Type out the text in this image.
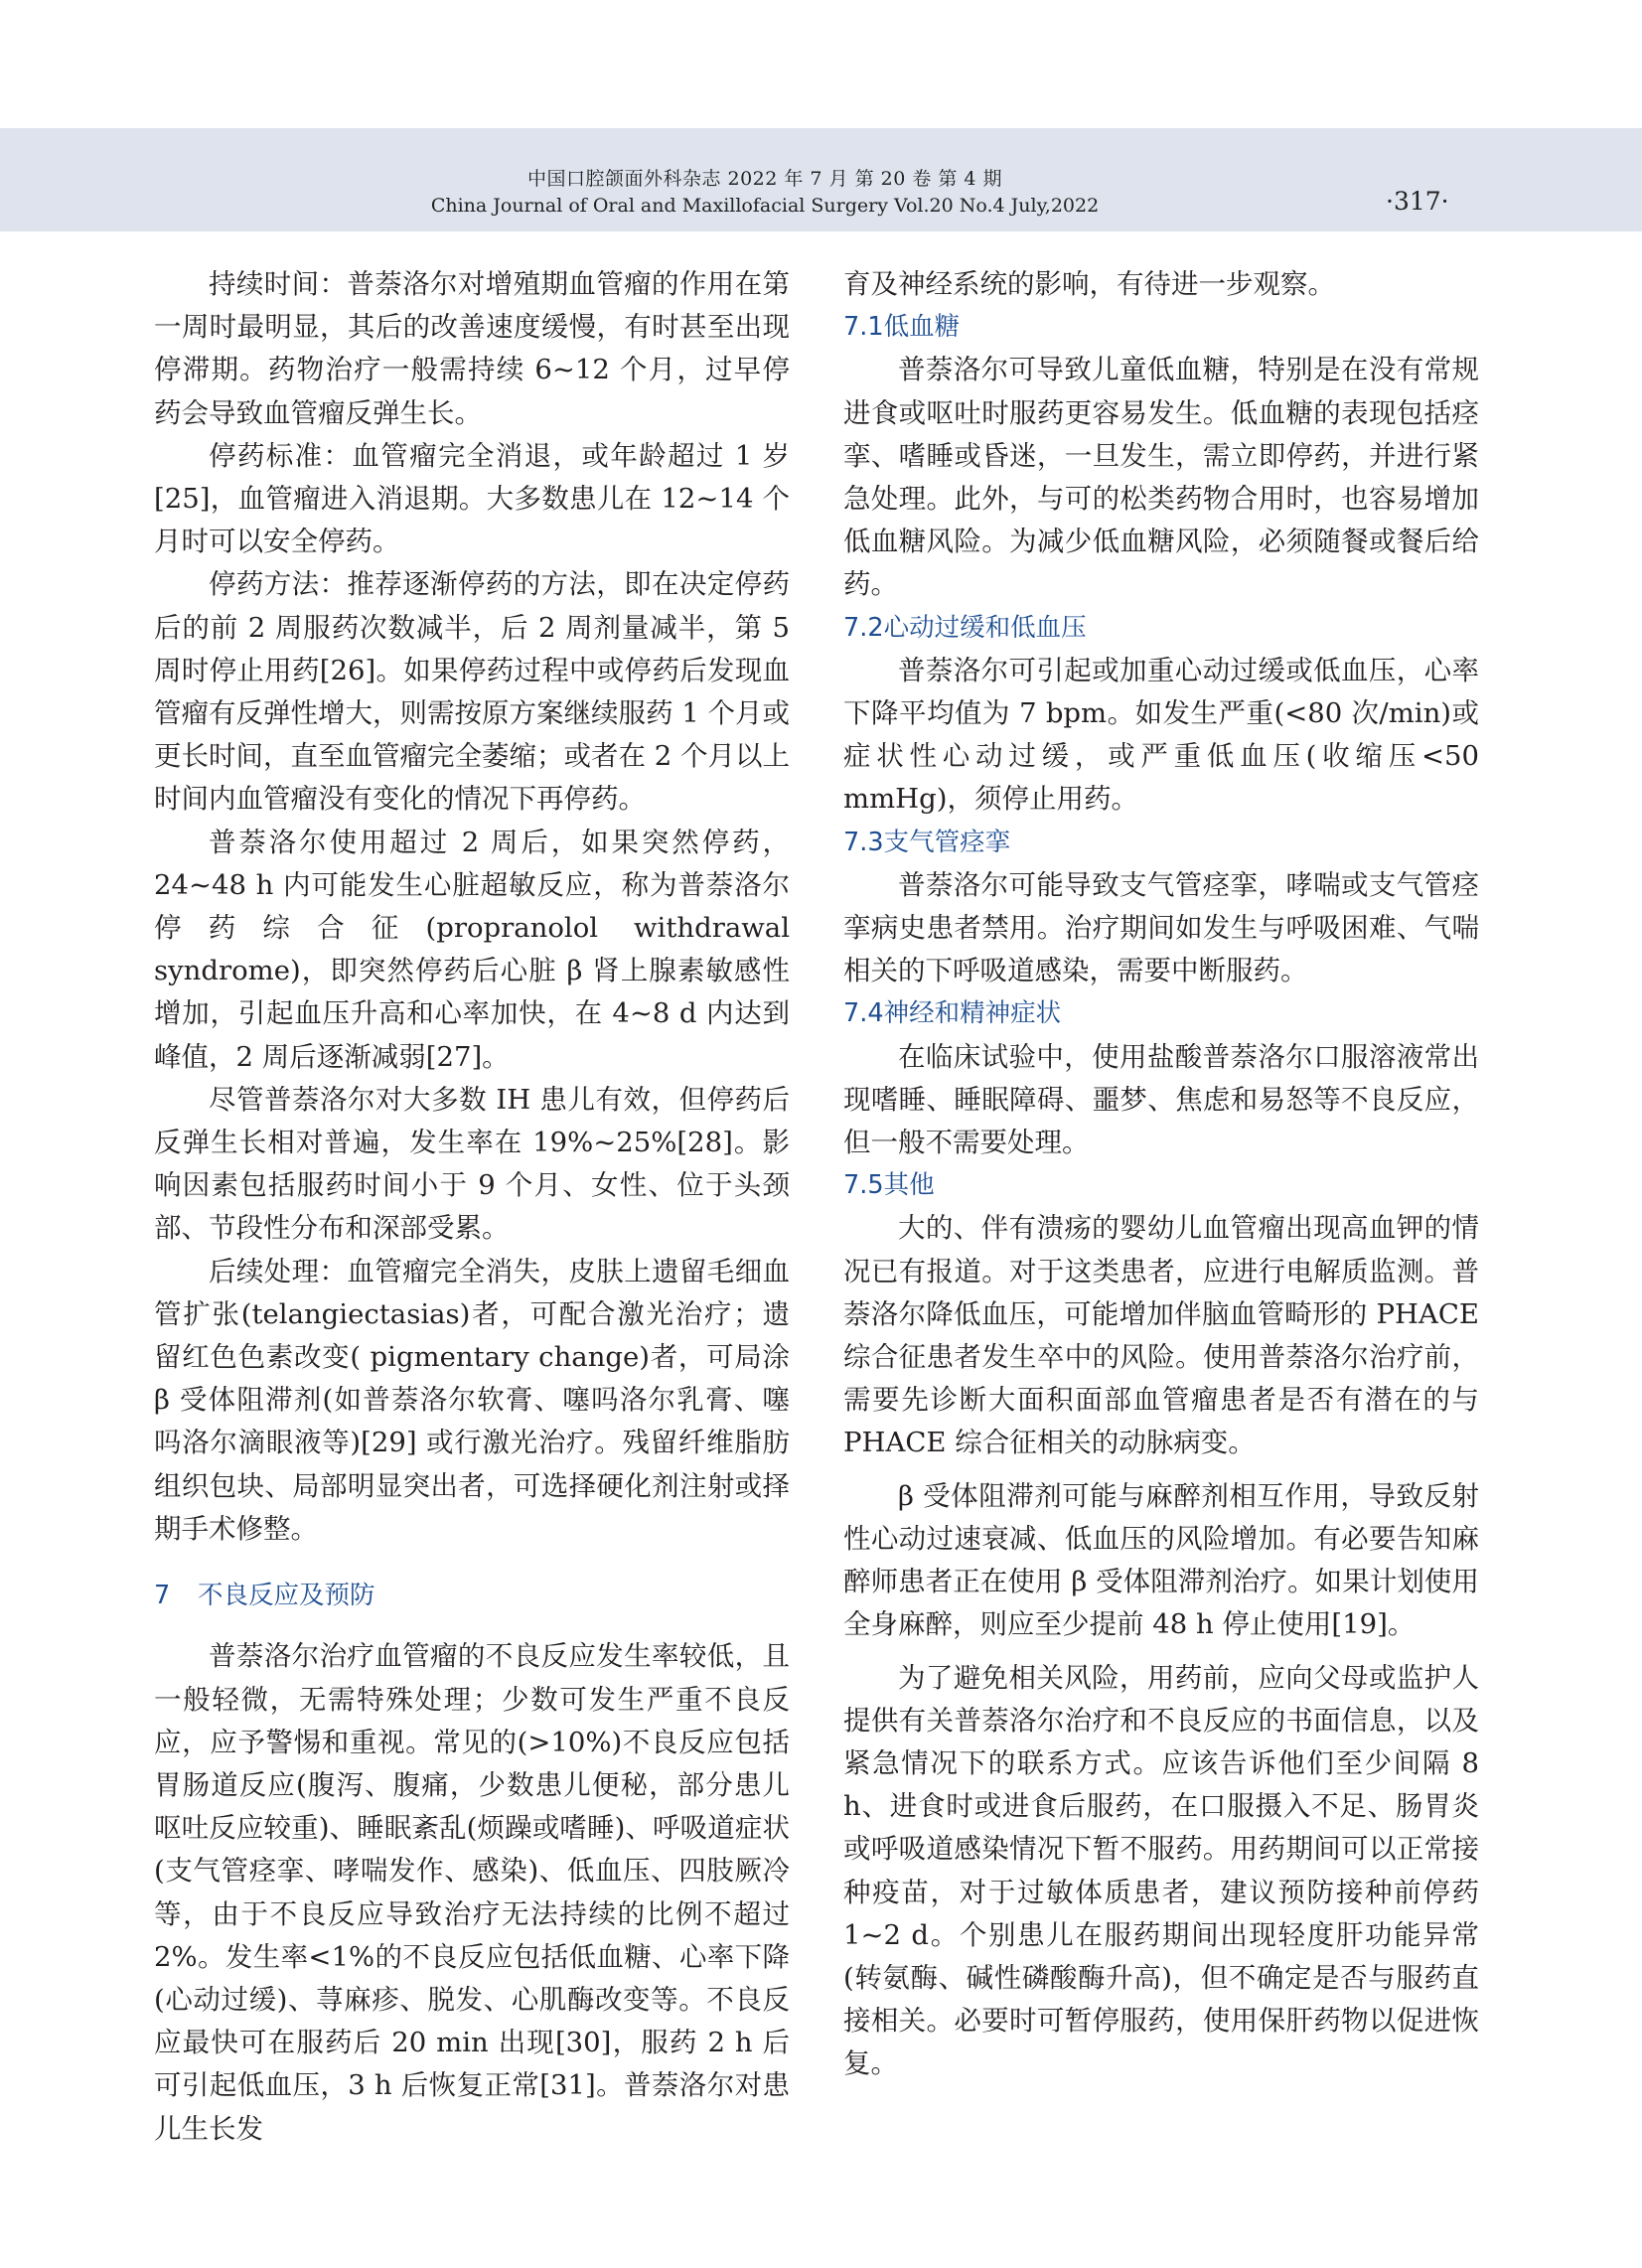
中国口腔颌面外科杂志 2022 年 7 月 第 20 卷 第 4 期
China Journal of Oral and Maxillofacial Surgery Vol.20 No.4 July,2022	·317·

持续时间：普萘洛尔对增殖期血管瘤的作用在第一周时最明显，其后的改善速度缓慢，有时甚至出现停滞期。药物治疗一般需持续 6~12 个月，过早停药会导致血管瘤反弹生长。

停药标准：血管瘤完全消退，或年龄超过 1 岁[25]，血管瘤进入消退期。大多数患儿在 12~14 个月时可以安全停药。

停药方法：推荐逐渐停药的方法，即在决定停药后的前 2 周服药次数减半，后 2 周剂量减半，第 5 周时停止用药[26]。如果停药过程中或停药后发现血管瘤有反弹性增大，则需按原方案继续服药 1 个月或更长时间，直至血管瘤完全萎缩；或者在 2 个月以上时间内血管瘤没有变化的情况下再停药。

普萘洛尔使用超过 2 周后，如果突然停药，24~48 h 内可能发生心脏超敏反应，称为普萘洛尔停药综合征(propranolol withdrawal syndrome)，即突然停药后心脏 β 肾上腺素敏感性增加，引起血压升高和心率加快，在 4~8 d 内达到峰值，2 周后逐渐减弱[27]。

尽管普萘洛尔对大多数 IH 患儿有效，但停药后反弹生长相对普遍，发生率在 19%~25%[28]。影响因素包括服药时间小于 9 个月、女性、位于头颈部、节段性分布和深部受累。

后续处理：血管瘤完全消失，皮肤上遗留毛细血管扩张(telangiectasias)者，可配合激光治疗；遗留红色色素改变( pigmentary change)者，可局涂 β 受体阻滞剂(如普萘洛尔软膏、噻吗洛尔乳膏、噻吗洛尔滴眼液等)[29] 或行激光治疗。残留纤维脂肪组织包块、局部明显突出者，可选择硬化剂注射或择期手术修整。

7 不良反应及预防

普萘洛尔治疗血管瘤的不良反应发生率较低，且一般轻微，无需特殊处理；少数可发生严重不良反应，应予警惕和重视。常见的(>10%)不良反应包括胃肠道反应(腹泻、腹痛，少数患儿便秘，部分患儿呕吐反应较重)、睡眠紊乱(烦躁或嗜睡)、呼吸道症状(支气管痉挛、哮喘发作、感染)、低血压、四肢厥冷等，由于不良反应导致治疗无法持续的比例不超过 2%。发生率<1%的不良反应包括低血糖、心率下降(心动过缓)、荨麻疹、脱发、心肌酶改变等。不良反应最快可在服药后 20 min 出现[30]，服药 2 h 后可引起低血压，3 h 后恢复正常[31]。普萘洛尔对患儿生长发

育及神经系统的影响，有待进一步观察。

7.1低血糖

普萘洛尔可导致儿童低血糖，特别是在没有常规进食或呕吐时服药更容易发生。低血糖的表现包括痉挛、嗜睡或昏迷，一旦发生，需立即停药，并进行紧急处理。此外，与可的松类药物合用时，也容易增加低血糖风险。为减少低血糖风险，必须随餐或餐后给药。

7.2心动过缓和低血压

普萘洛尔可引起或加重心动过缓或低血压，心率下降平均值为 7 bpm。如发生严重(<80 次/min)或症状性心动过缓，或严重低血压(收缩压<50 mmHg)，须停止用药。

7.3支气管痉挛

普萘洛尔可能导致支气管痉挛，哮喘或支气管痉挛病史患者禁用。治疗期间如发生与呼吸困难、气喘相关的下呼吸道感染，需要中断服药。

7.4神经和精神症状

在临床试验中，使用盐酸普萘洛尔口服溶液常出现嗜睡、睡眠障碍、噩梦、焦虑和易怒等不良反应，但一般不需要处理。

7.5其他

大的、伴有溃疡的婴幼儿血管瘤出现高血钾的情况已有报道。对于这类患者，应进行电解质监测。普萘洛尔降低血压，可能增加伴脑血管畸形的 PHACE 综合征患者发生卒中的风险。使用普萘洛尔治疗前，需要先诊断大面积面部血管瘤患者是否有潜在的与 PHACE 综合征相关的动脉病变。

β 受体阻滞剂可能与麻醉剂相互作用，导致反射性心动过速衰减、低血压的风险增加。有必要告知麻醉师患者正在使用 β 受体阻滞剂治疗。如果计划使用全身麻醉，则应至少提前 48 h 停止使用[19]。

为了避免相关风险，用药前，应向父母或监护人提供有关普萘洛尔治疗和不良反应的书面信息，以及紧急情况下的联系方式。应该告诉他们至少间隔 8 h、进食时或进食后服药，在口服摄入不足、肠胃炎或呼吸道感染情况下暂不服药。用药期间可以正常接种疫苗，对于过敏体质患者，建议预防接种前停药 1~2 d。个别患儿在服药期间出现轻度肝功能异常(转氨酶、碱性磷酸酶升高)，但不确定是否与服药直接相关。必要时可暂停服药，使用保肝药物以促进恢复。
